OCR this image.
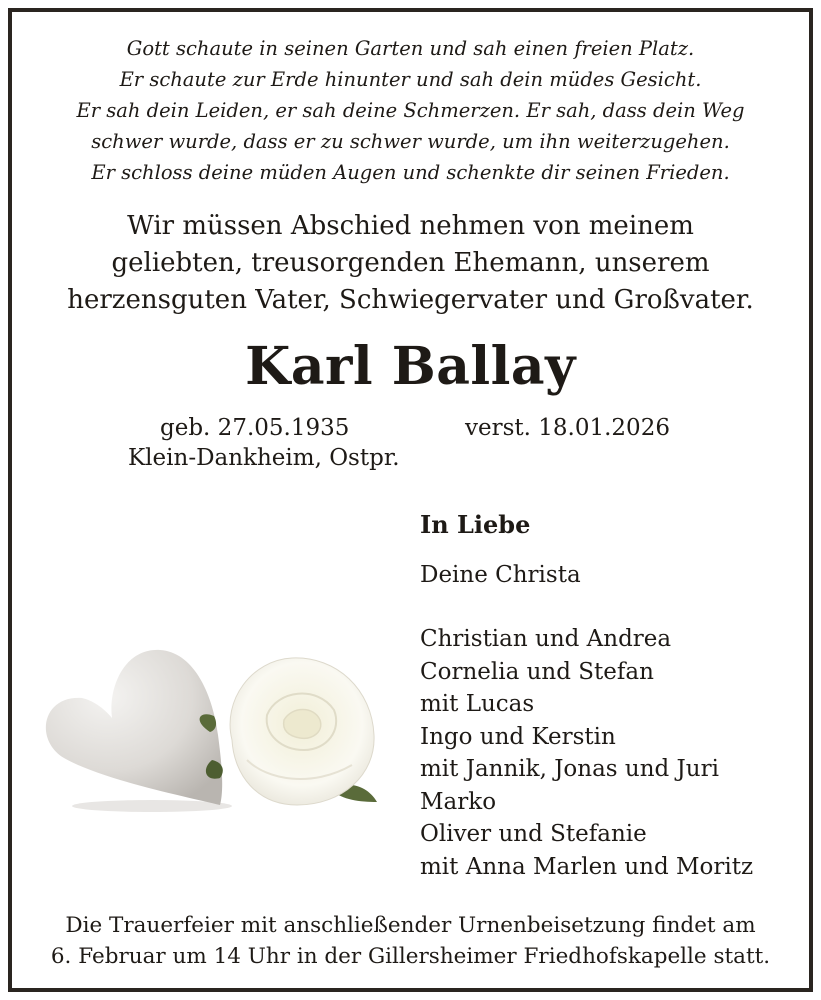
Gott schaute in seinen Garten und sah einen freien Platz.
Er schaute zur Erde hinunter und sah dein müdes Gesicht.
Er sah dein Leiden, er sah deine Schmerzen. Er sah, dass dein Weg
schwer wurde, dass er zu schwer wurde, um ihn weiterzugehen.
Er schloss deine müden Augen und schenkte dir seinen Frieden.
Wir müssen Abschied nehmen von meinem
geliebten, treusorgenden Ehemann, unserem
herzensguten Vater, Schwiegervater und Großvater.
Karl Ballay
geb. 27.05.1935	verst. 18.01.2026
Klein-Dankheim, Ostpr.
In Liebe
Deine Christa
Christian und Andrea
Cornelia und Stefan
mit Lucas
Ingo und Kerstin
mit Jannik, Jonas und Juri
Marko
Oliver und Stefanie
mit Anna Marlen und Moritz
Die Trauerfeier mit anschließender Urnenbeisetzung findet am
6. Februar um 14 Uhr in der Gillersheimer Friedhofskapelle statt.
